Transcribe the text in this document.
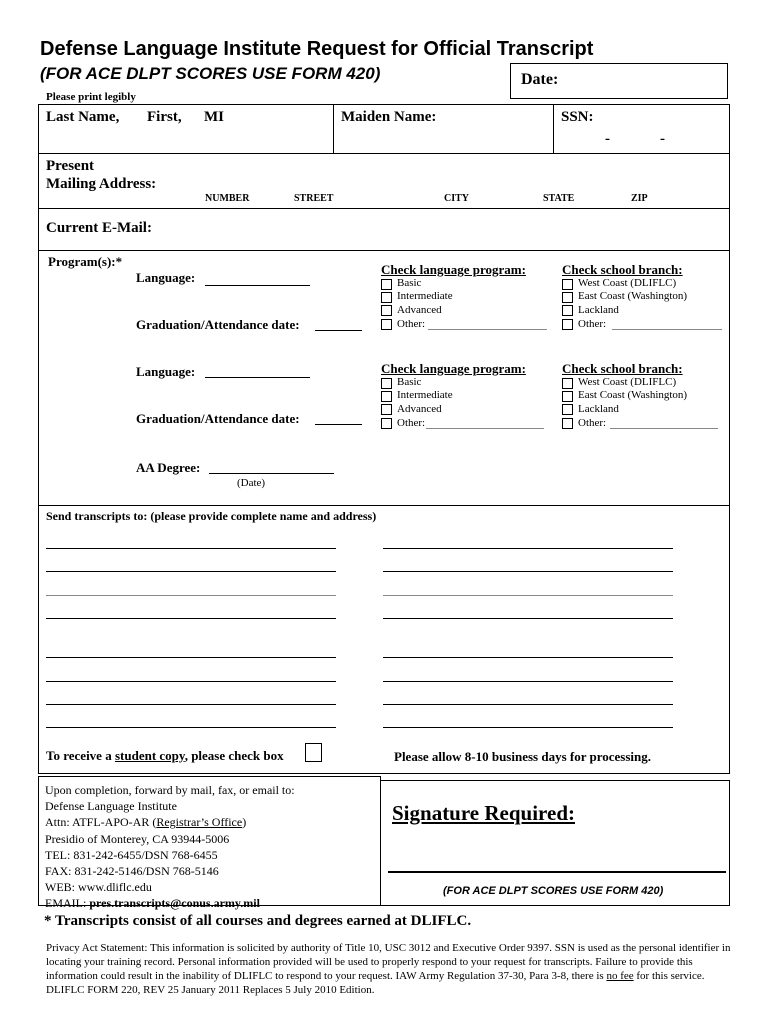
Defense Language Institute Request for Official Transcript
(FOR ACE DLPT SCORES USE FORM 420)	Date:
Please print legibly
Last Name, First, MI	Maiden Name:	SSN:
-	-
Present
Mailing Address:
NUMBER	STREET	CITY	STATE	ZIP
Current E-Mail:
Program(s):*
Language:
Graduation/Attendance date:
Check language program:	Check school branch:
Basic
Intermediate
Advanced
Other:
West Coast (DLIFLC)
East Coast (Washington)
Lackland
Other:
Language:
Graduation/Attendance date:
Check language program:	Check school branch:
Basic
Intermediate
Advanced
Other:
West Coast (DLIFLC)
East Coast (Washington)
Lackland
Other:
AA Degree:
(Date)
Send transcripts to: (please provide complete name and address)
To receive a student copy, please check box	Please allow 8-10 business days for processing.
Upon completion, forward by mail, fax, or email to:
Defense Language Institute
Attn: ATFL-APO-AR (Registrar’s Office)
Presidio of Monterey, CA 93944-5006
TEL: 831-242-6455/DSN 768-6455
FAX: 831-242-5146/DSN 768-5146
WEB: www.dliflc.edu
EMAIL: pres.transcripts@conus.army.mil
Signature Required:
(FOR ACE DLPT SCORES USE FORM 420)
* Transcripts consist of all courses and degrees earned at DLIFLC.
Privacy Act Statement: This information is solicited by authority of Title 10, USC 3012 and Executive Order 9397. SSN is used as the personal identifier in locating your training record. Personal information provided will be used to properly respond to your request for transcripts. Failure to provide this information could result in the inability of DLIFLC to respond to your request. IAW Army Regulation 37-30, Para 3-8, there is no fee for this service. DLIFLC FORM 220, REV 25 January 2011 Replaces 5 July 2010 Edition.
